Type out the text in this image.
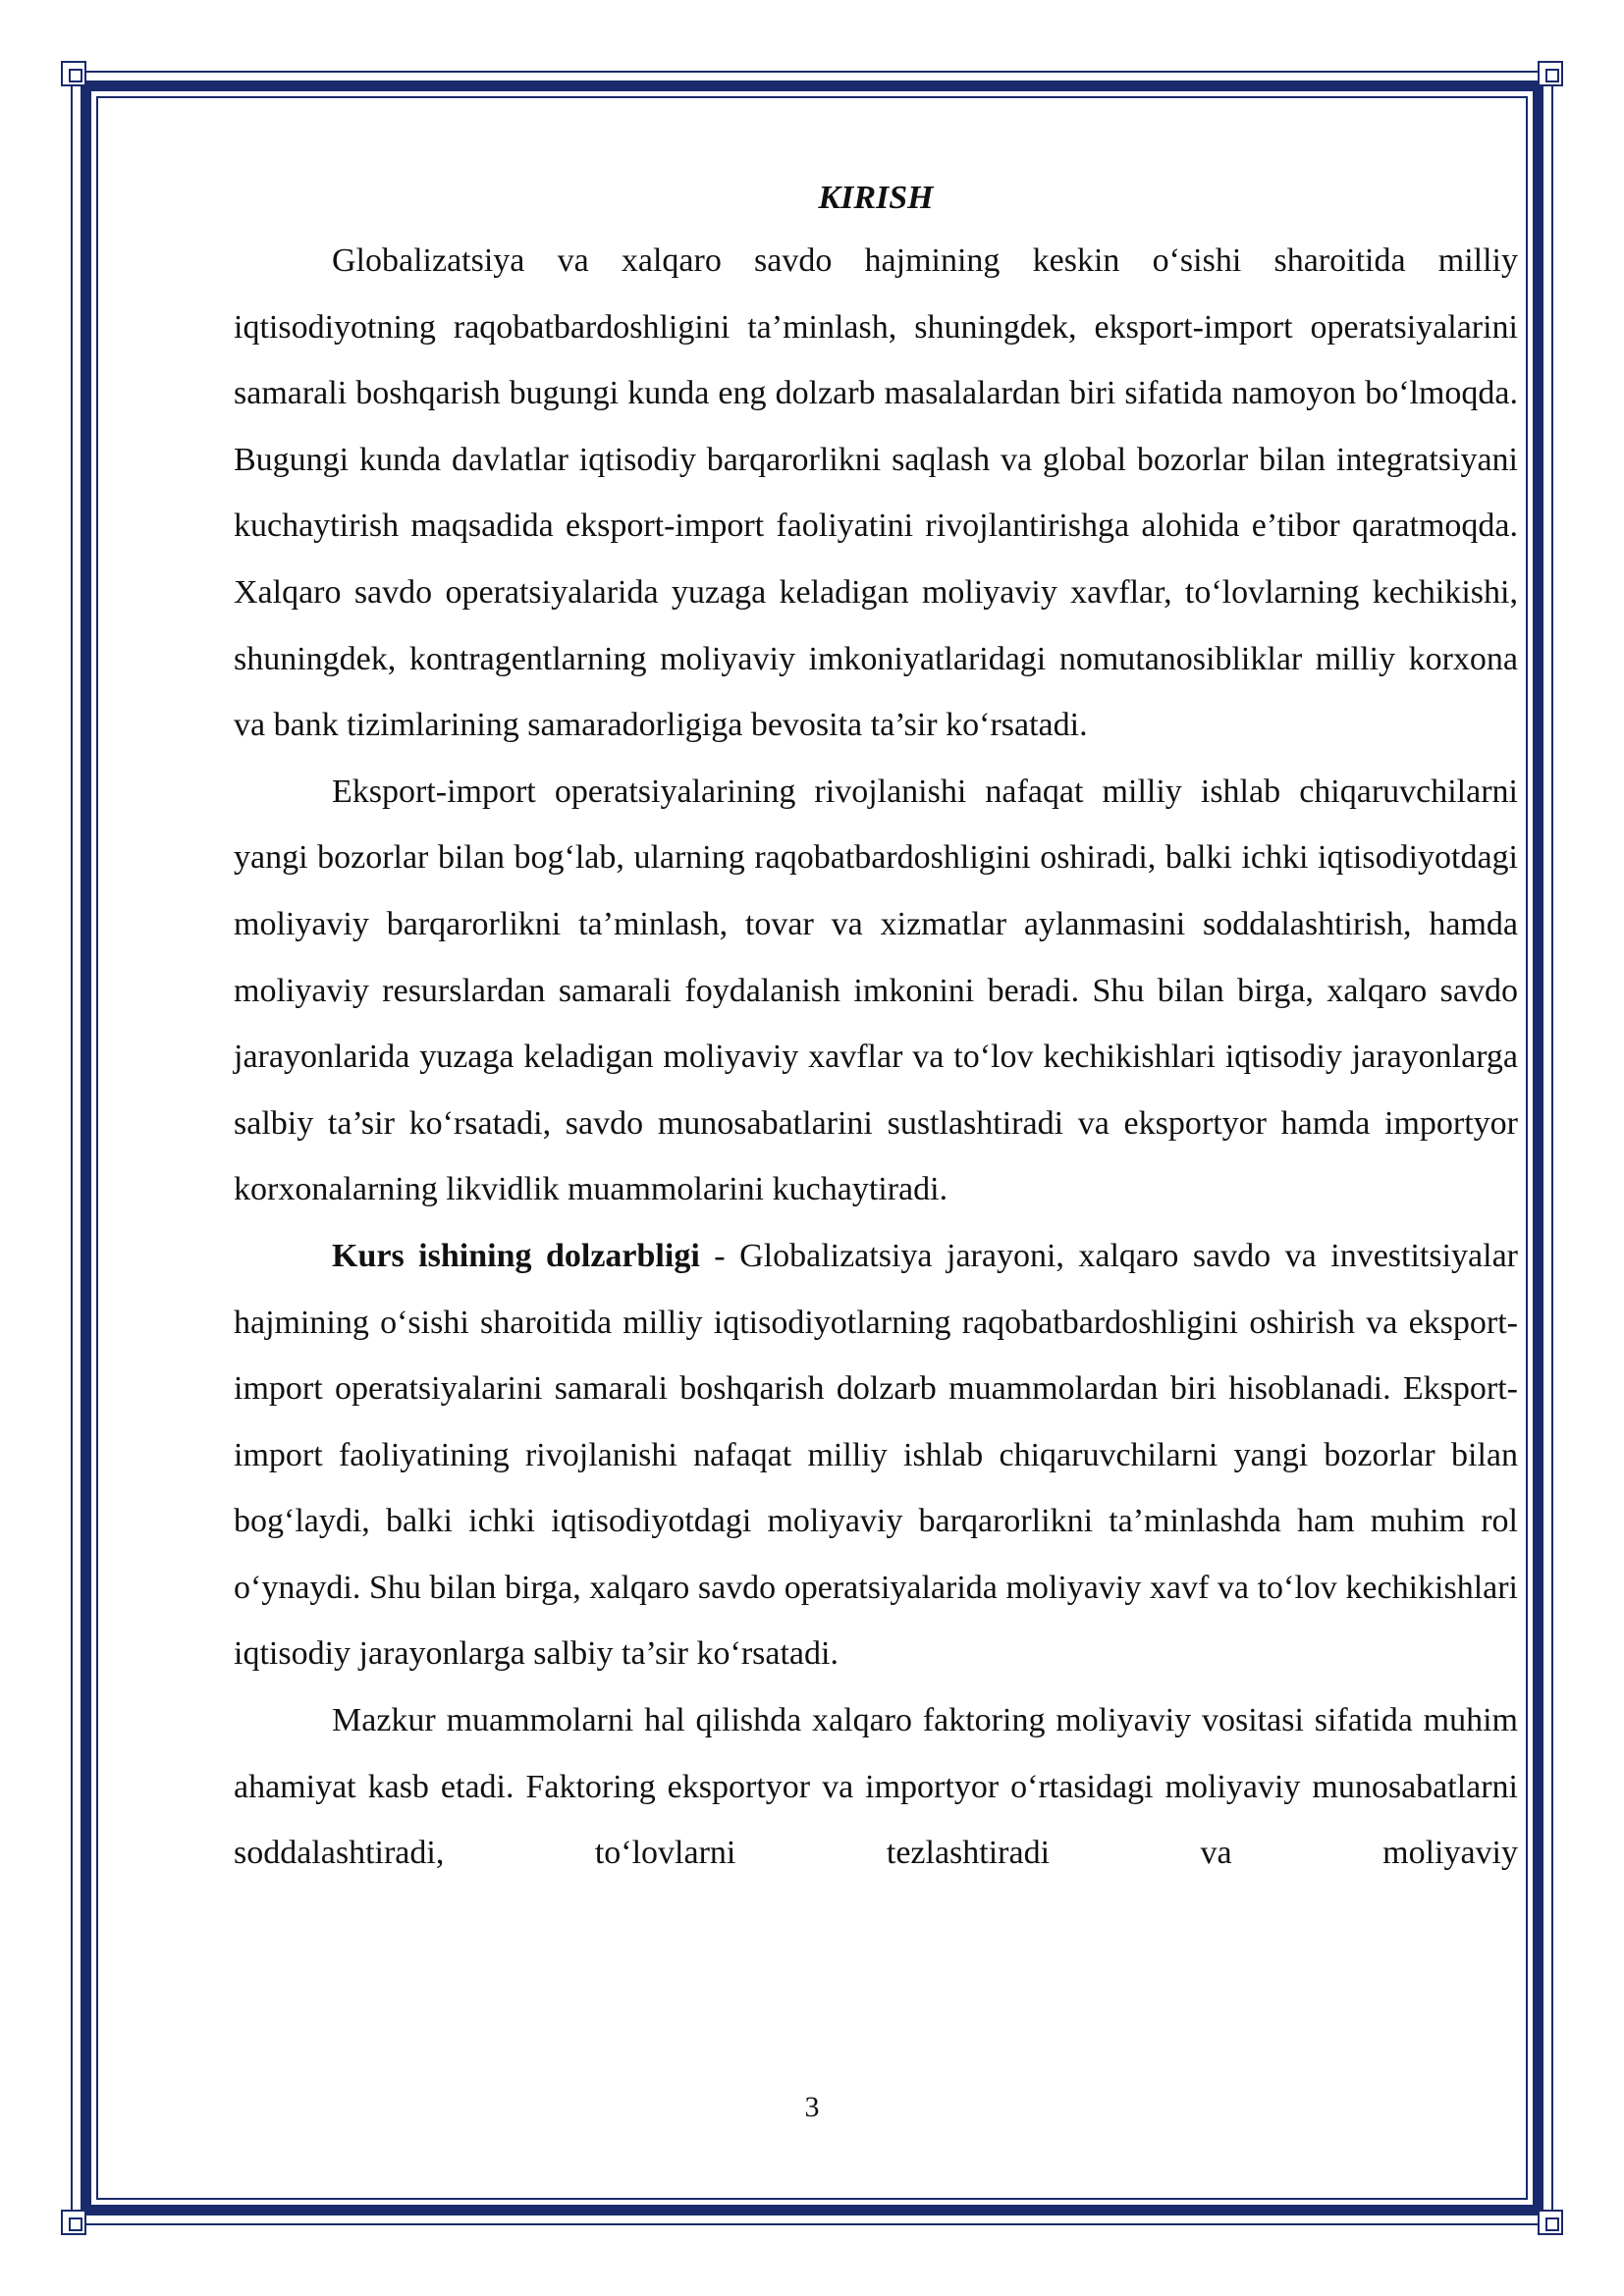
KIRISH

Globalizatsiya va xalqaro savdo hajmining keskin o‘sishi sharoitida milliy iqtisodiyotning raqobatbardoshligini ta’minlash, shuningdek, eksport-import operatsiyalarini samarali boshqarish bugungi kunda eng dolzarb masalalardan biri sifatida namoyon bo‘lmoqda. Bugungi kunda davlatlar iqtisodiy barqarorlikni saqlash va global bozorlar bilan integratsiyani kuchaytirish maqsadida eksport-import faoliyatini rivojlantirishga alohida e’tibor qaratmoqda. Xalqaro savdo operatsiyalarida yuzaga keladigan moliyaviy xavflar, to‘lovlarning kechikishi, shuningdek, kontragentlarning moliyaviy imkoniyatlaridagi nomutanosibliklar milliy korxona va bank tizimlarining samaradorligiga bevosita ta’sir ko‘rsatadi.

Eksport-import operatsiyalarining rivojlanishi nafaqat milliy ishlab chiqaruvchilarni yangi bozorlar bilan bog‘lab, ularning raqobatbardoshligini oshiradi, balki ichki iqtisodiyotdagi moliyaviy barqarorlikni ta’minlash, tovar va xizmatlar aylanmasini soddalashtirish, hamda moliyaviy resurslardan samarali foydalanish imkonini beradi. Shu bilan birga, xalqaro savdo jarayonlarida yuzaga keladigan moliyaviy xavflar va to‘lov kechikishlari iqtisodiy jarayonlarga salbiy ta’sir ko‘rsatadi, savdo munosabatlarini sustlashtiradi va eksportyor hamda importyor korxonalarning likvidlik muammolarini kuchaytiradi.

Kurs ishining dolzarbligi - Globalizatsiya jarayoni, xalqaro savdo va investitsiyalar hajmining o‘sishi sharoitida milliy iqtisodiyotlarning raqobatbardoshligini oshirish va eksport-import operatsiyalarini samarali boshqarish dolzarb muammolardan biri hisoblanadi. Eksport-import faoliyatining rivojlanishi nafaqat milliy ishlab chiqaruvchilarni yangi bozorlar bilan bog‘laydi, balki ichki iqtisodiyotdagi moliyaviy barqarorlikni ta’minlashda ham muhim rol o‘ynaydi. Shu bilan birga, xalqaro savdo operatsiyalarida moliyaviy xavf va to‘lov kechikishlari iqtisodiy jarayonlarga salbiy ta’sir ko‘rsatadi.

Mazkur muammolarni hal qilishda xalqaro faktoring moliyaviy vositasi sifatida muhim ahamiyat kasb etadi. Faktoring eksportyor va importyor o‘rtasidagi moliyaviy munosabatlarni soddalashtiradi, to‘lovlarni tezlashtiradi va moliyaviy

3
